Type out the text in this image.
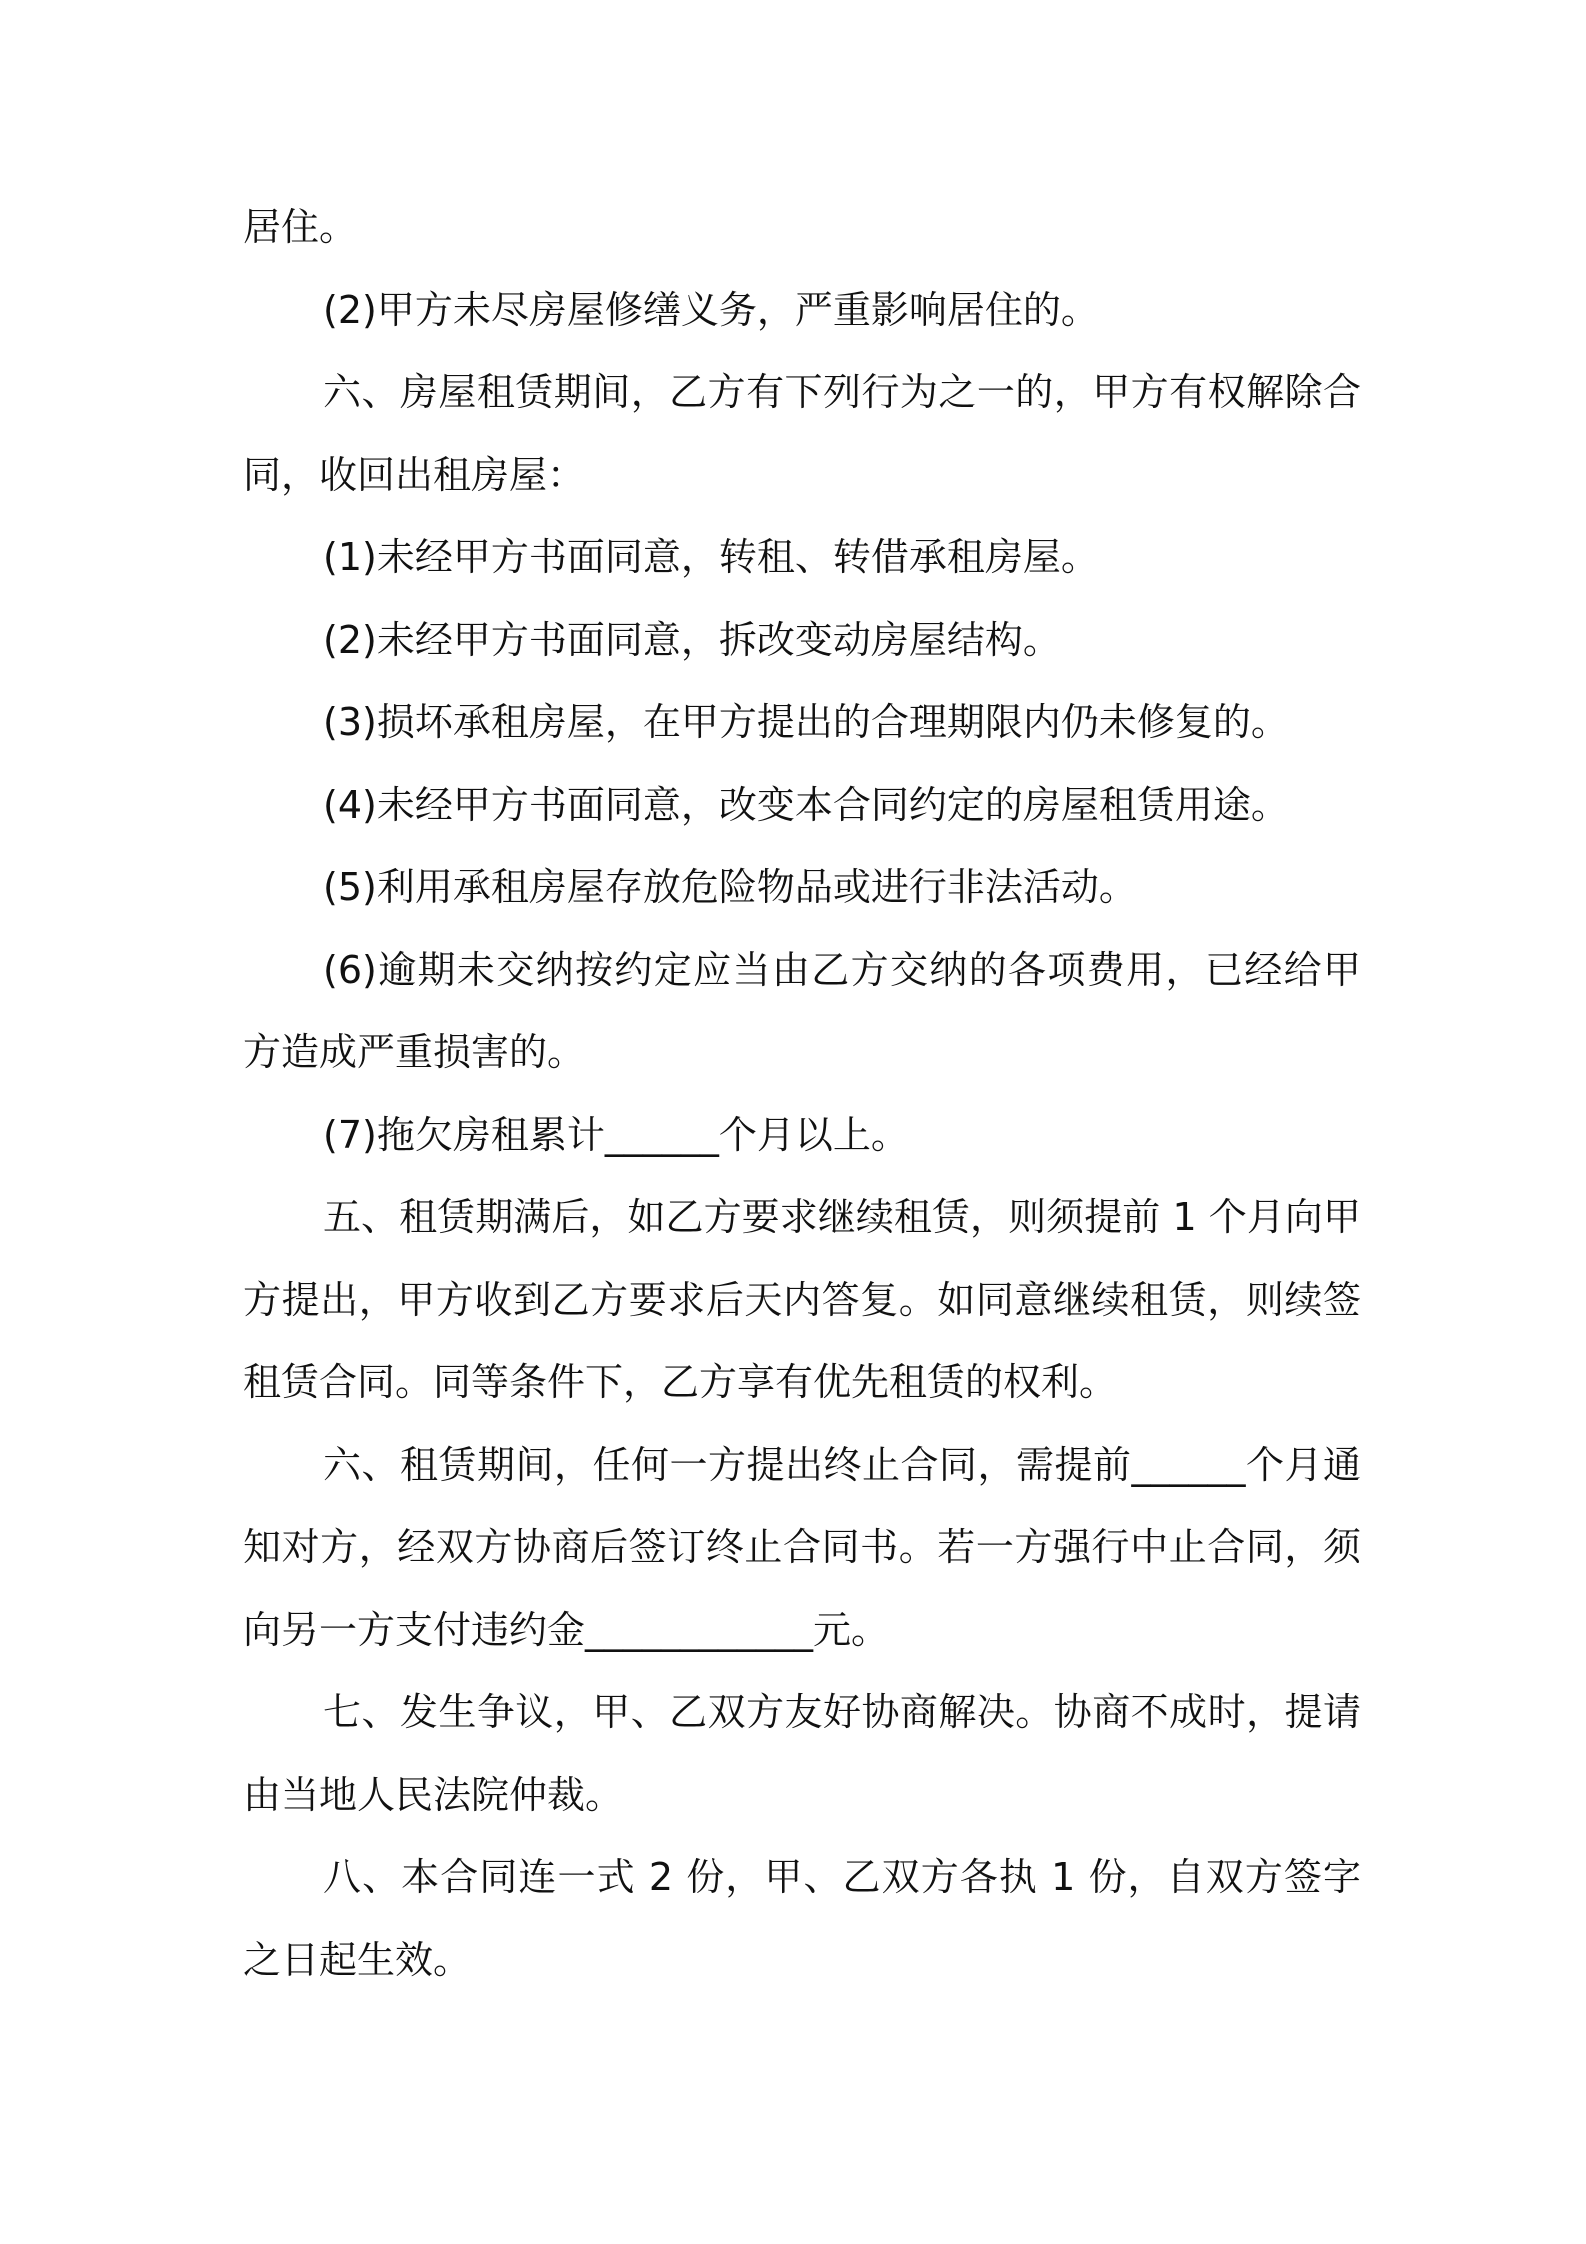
居住。

(2)甲方未尽房屋修缮义务，严重影响居住的。

六、房屋租赁期间，乙方有下列行为之一的，甲方有权解除合同，收回出租房屋：

(1)未经甲方书面同意，转租、转借承租房屋。

(2)未经甲方书面同意，拆改变动房屋结构。

(3)损坏承租房屋，在甲方提出的合理期限内仍未修复的。

(4)未经甲方书面同意，改变本合同约定的房屋租赁用途。

(5)利用承租房屋存放危险物品或进行非法活动。

(6)逾期未交纳按约定应当由乙方交纳的各项费用，已经给甲方造成严重损害的。

(7)拖欠房租累计______个月以上。

五、租赁期满后，如乙方要求继续租赁，则须提前 1 个月向甲方提出，甲方收到乙方要求后天内答复。如同意继续租赁，则续签租赁合同。同等条件下，乙方享有优先租赁的权利。

六、租赁期间，任何一方提出终止合同，需提前______个月通知对方，经双方协商后签订终止合同书。若一方强行中止合同，须向另一方支付违约金____________元。

七、发生争议，甲、乙双方友好协商解决。协商不成时，提请由当地人民法院仲裁。

八、本合同连一式 2 份，甲、乙双方各执 1 份，自双方签字之日起生效。
